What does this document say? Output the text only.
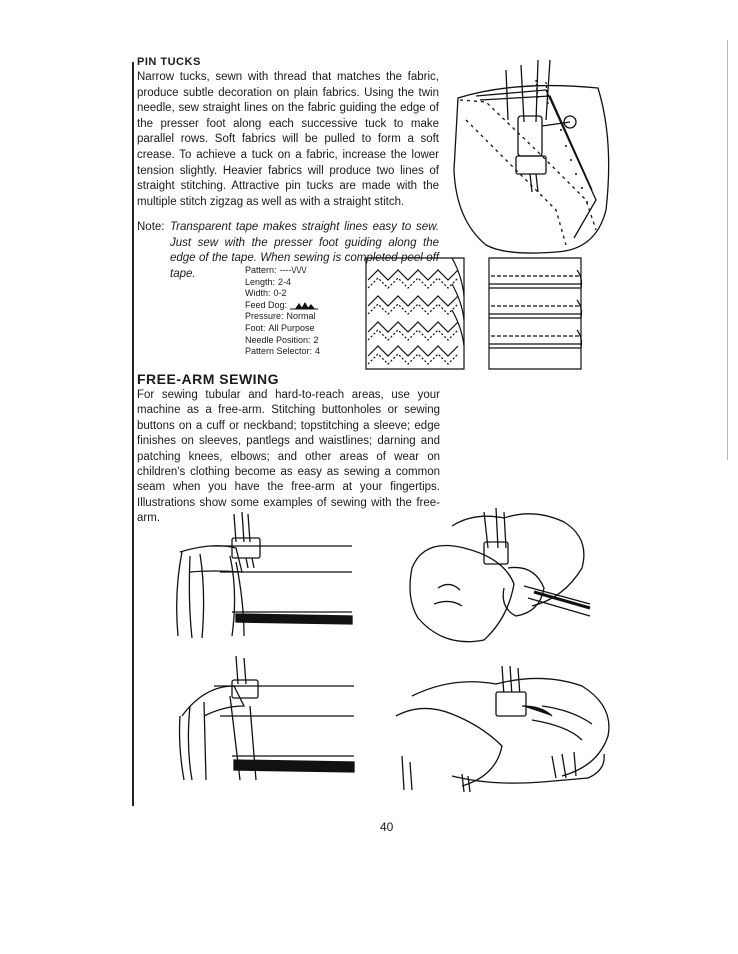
PIN TUCKS

Narrow tucks, sewn with thread that matches the fabric, produce subtle decoration on plain fabrics. Using the twin needle, sew straight lines on the fabric guiding the edge of the presser foot along each successive tuck to make parallel rows. Soft fabrics will be pulled to form a soft crease. To achieve a tuck on a fabric, increase the lower tension slightly. Heavier fabrics will produce two lines of straight stitching. Attractive pin tucks are made with the multiple stitch zigzag as well as with a straight stitch.

Note: Transparent tape makes straight lines easy to sew. Just sew with the presser foot guiding along the edge of the tape. When sewing is completed peel off tape.	Pattern: ----\/\/\/
Length: 2-4
Width: 0-2
Feed Dog:
Pressure: Normal
Foot: All Purpose
Needle Position: 2
Pattern Selector: 4
FREE-ARM SEWING

For sewing tubular and hard-to-reach areas, use your machine as a free-arm. Stitching buttonholes or sewing buttons on a cuff or neckband; topstitching a sleeve; edge finishes on sleeves, pantlegs and waistlines; darning and patching knees, elbows; and other areas of wear on children's clothing become as easy as sewing a common seam when you have the free-arm at your fingertips. Illustrations show some examples of sewing with the free-arm.

40
